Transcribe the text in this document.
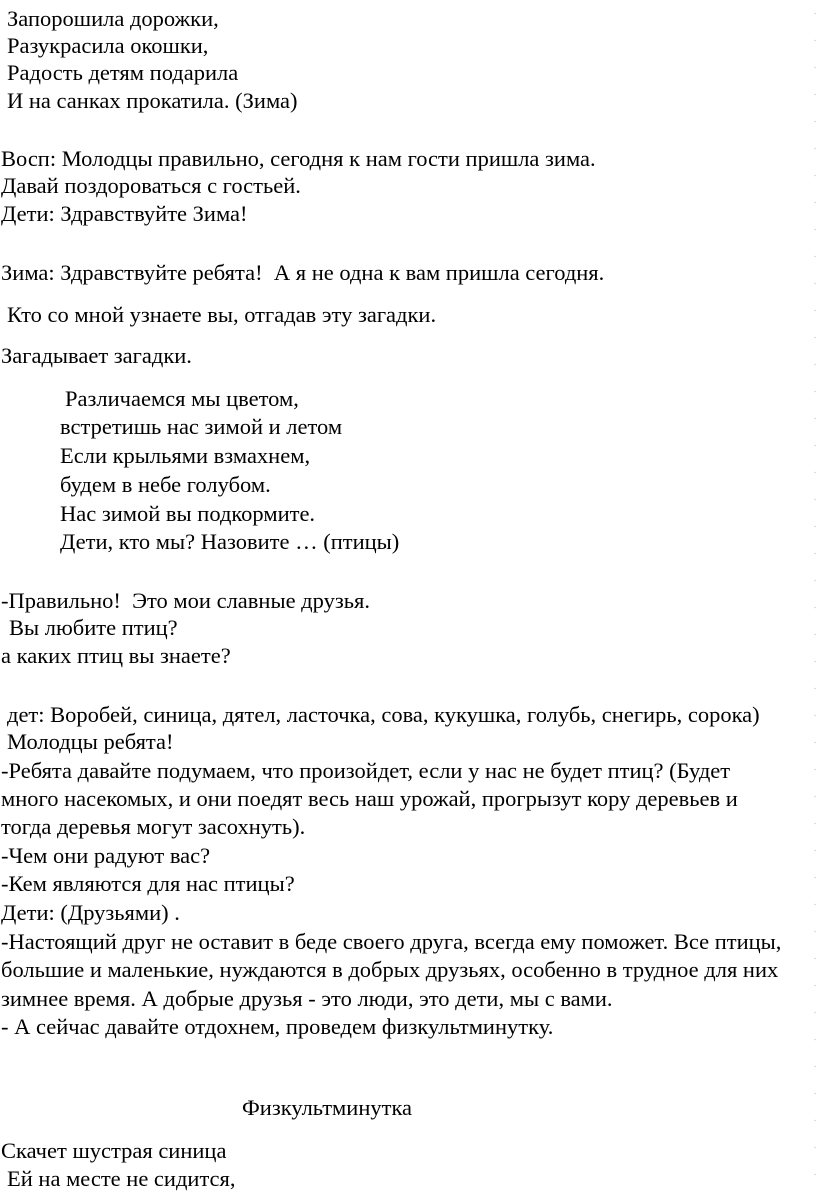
Запорошила дорожки,

Разукрасила окошки,

Радость детям подарила

И на санках прокатила. (Зима)

Восп: Молодцы правильно, сегодня к нам гости пришла зима.

Давай поздороваться с гостьей.

Дети: Здравствуйте Зима!

Зима: Здравствуйте ребята!  А я не одна к вам пришла сегодня.

Кто со мной узнаете вы, отгадав эту загадки.

Загадывает загадки.

Различаемся мы цветом,

встретишь нас зимой и летом

Если крыльями взмахнем,

будем в небе голубом.

Нас зимой вы подкормите.

Дети, кто мы? Назовите … (птицы)

-Правильно!  Это мои славные друзья.

Вы любите птиц?

а каких птиц вы знаете?

дет: Воробей, синица, дятел, ласточка, сова, кукушка, голубь, снегирь, сорока)

Молодцы ребята!

-Ребята давайте подумаем, что произойдет, если у нас не будет птиц? (Будет

много насекомых, и они поедят весь наш урожай, прогрызут кору деревьев и

тогда деревья могут засохнуть).

-Чем они радуют вас?

-Кем являются для нас птицы?

Дети: (Друзьями) .

-Настоящий друг не оставит в беде своего друга, всегда ему поможет. Все птицы,

большие и маленькие, нуждаются в добрых друзьях, особенно в трудное для них

зимнее время. А добрые друзья - это люди, это дети, мы с вами.

- А сейчас давайте отдохнем, проведем физкультминутку.

Физкультминутка

Скачет шустрая синица

Ей на месте не сидится,
